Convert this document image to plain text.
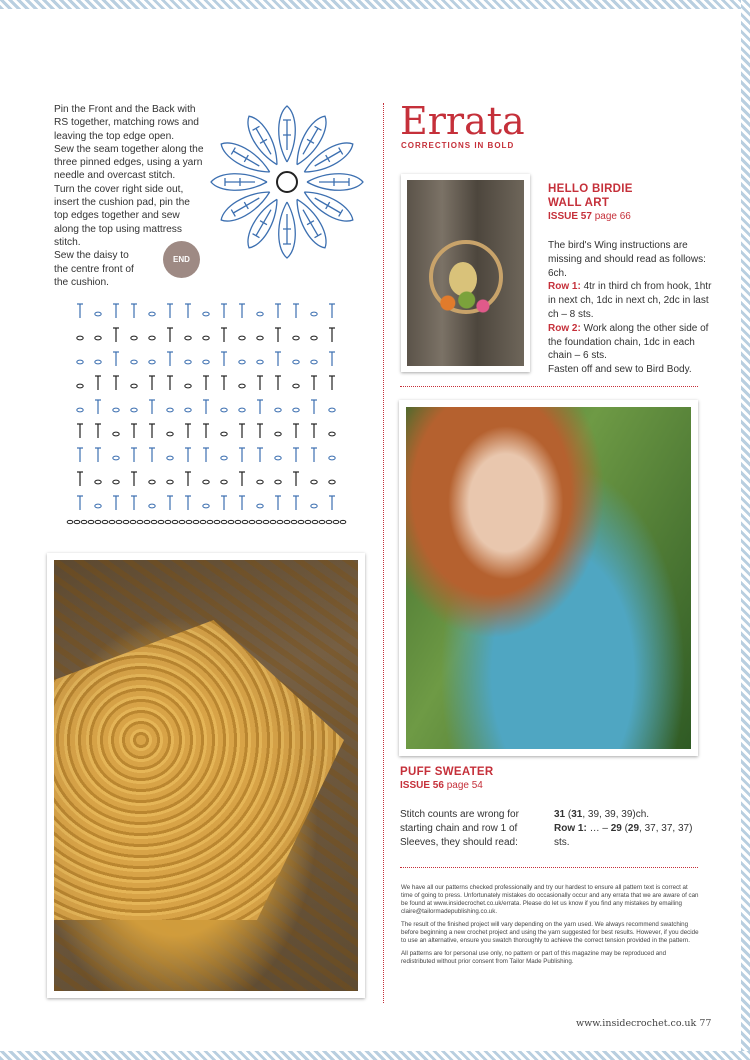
Pin the Front and the Back with RS together, matching rows and leaving the top edge open.

Sew the seam together along the three pinned edges, using a yarn needle and overcast stitch.

Turn the cover right side out, insert the cushion pad, pin the top edges together and sew along the top using mattress stitch.

Sew the daisy to the centre front of the cushion.

END
Errata
CORRECTIONS IN BOLD
HELLO BIRDIE
WALL ART
ISSUE 57 page 66

The bird's Wing instructions are missing and should read as follows: 6ch.

Row 1: 4tr in third ch from hook, 1htr in next ch, 1dc in next ch, 2dc in last ch – 8 sts.

Row 2: Work along the other side of the foundation chain, 1dc in each chain – 6 sts.

Fasten off and sew to Bird Body.

PUFF SWEATER
ISSUE 56 page 54

Stitch counts are wrong for starting chain and row 1 of Sleeves, they should read:

31 (31, 39, 39, 39)ch.

Row 1: … – 29 (29, 37, 37, 37) sts.

We have all our patterns checked professionally and try our hardest to ensure all pattern text is correct at time of going to press. Unfortunately mistakes do occasionally occur and any errata that we are aware of can be found at www.insidecrochet.co.uk/errata. Please do let us know if you find any mistakes by emailing claire@tailormadepublishing.co.uk.

The result of the finished project will vary depending on the yarn used. We always recommend swatching before beginning a new crochet project and using the yarn suggested for best results. However, if you decide to use an alternative, ensure you swatch thoroughly to achieve the correct tension provided in the pattern.

All patterns are for personal use only, no pattern or part of this magazine may be reproduced and redistributed without prior consent from Tailor Made Publishing.

www.insidecrochet.co.uk 77
